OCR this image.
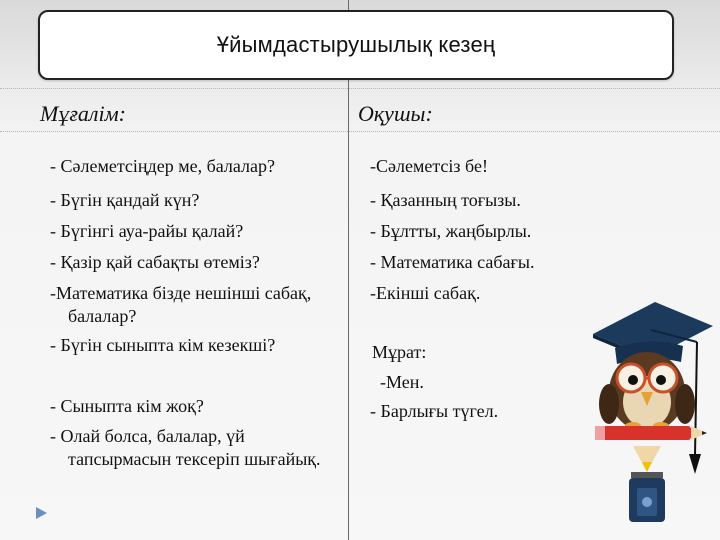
Ұйымдастырушылық кезең
Мұғалім:	Оқушы:
- Сәлеметсіңдер ме, балалар?
- Бүгін қандай күн?
- Бүгінгі ауа-райы қалай?
- Қазір қай сабақты өтеміз?
-Математика бізде нешінші сабақ,
балалар?
- Бүгін сыныпта кім кезекші?
- Сыныпта кім жоқ?
- Олай болса, балалар, үй
тапсырмасын тексеріп шығайық.
-Сәлеметсіз бе!
- Қазанның тоғызы.
- Бұлтты, жаңбырлы.
- Математика сабағы.
-Екінші сабақ.
Мұрат:
-Мен.
- Барлығы түгел.
